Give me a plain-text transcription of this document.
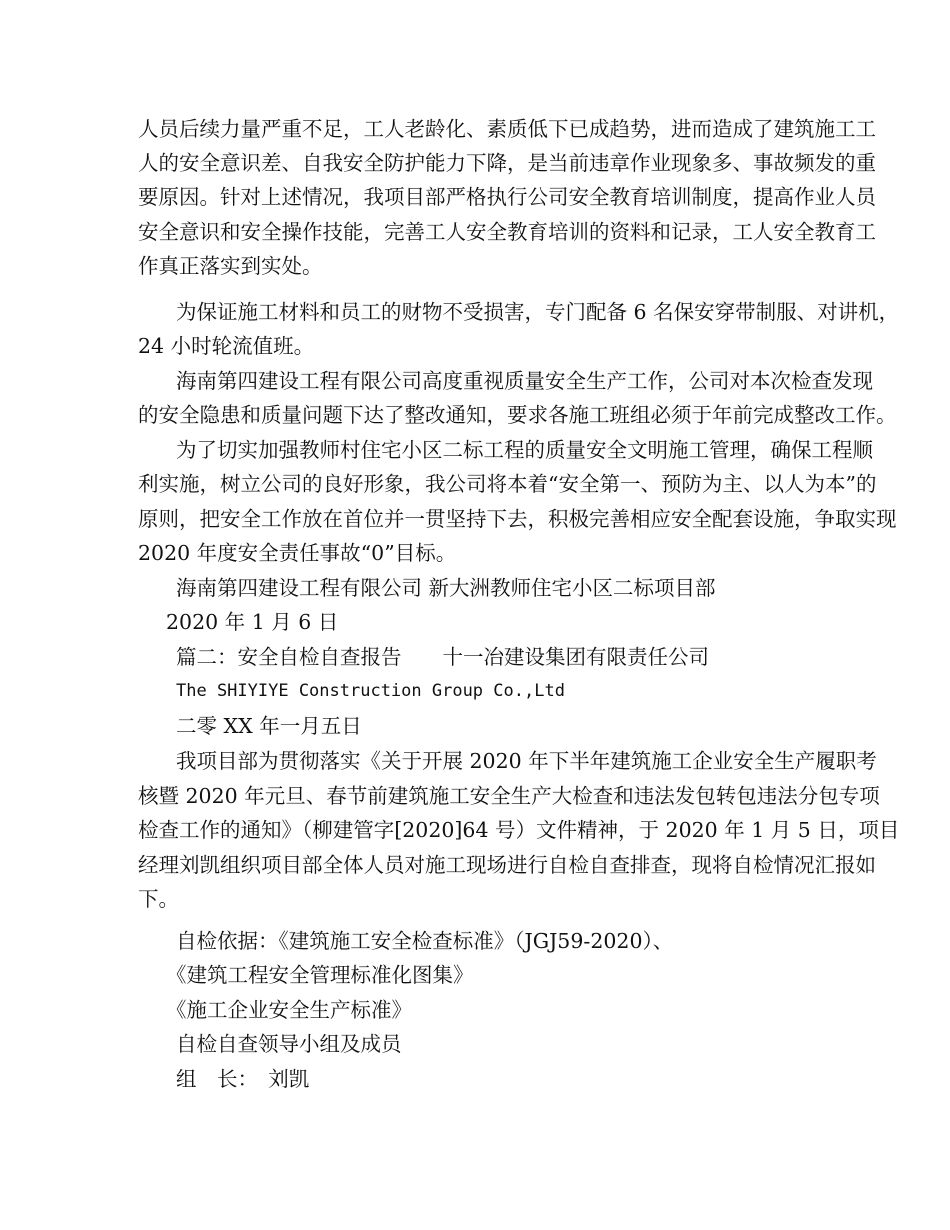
人员后续力量严重不足，工人老龄化、素质低下已成趋势，进而造成了建筑施工工
人的安全意识差、自我安全防护能力下降，是当前违章作业现象多、事故频发的重
要原因。针对上述情况，我项目部严格执行公司安全教育培训制度，提高作业人员
安全意识和安全操作技能，完善工人安全教育培训的资料和记录，工人安全教育工
作真正落实到实处。
为保证施工材料和员工的财物不受损害，专门配备 6 名保安穿带制服、对讲机，
24 小时轮流值班。
海南第四建设工程有限公司高度重视质量安全生产工作，公司对本次检查发现
的安全隐患和质量问题下达了整改通知，要求各施工班组必须于年前完成整改工作。
为了切实加强教师村住宅小区二标工程的质量安全文明施工管理，确保工程顺
利实施，树立公司的良好形象，我公司将本着“安全第一、预防为主、以人为本”的
原则，把安全工作放在首位并一贯坚持下去，积极完善相应安全配套设施，争取实现
2020 年度安全责任事故“0”目标。
海南第四建设工程有限公司 新大洲教师住宅小区二标项目部
2020 年 1 月 6 日
篇二：安全自检自查报告　　十一冶建设集团有限责任公司
The SHIYIYE Construction Group Co.,Ltd
二零 XX 年一月五日
我项目部为贯彻落实《关于开展 2020 年下半年建筑施工企业安全生产履职考
核暨 2020 年元旦、春节前建筑施工安全生产大检查和违法发包转包违法分包专项
检查工作的通知》（柳建管字[2020]64 号）文件精神，于 2020 年 1 月 5 日，项目
经理刘凯组织项目部全体人员对施工现场进行自检自查排查，现将自检情况汇报如
下。
自检依据：《建筑施工安全检查标准》（JGJ59-2020）、
《建筑工程安全管理标准化图集》
《施工企业安全生产标准》
自检自查领导小组及成员
组　长：　刘凯
